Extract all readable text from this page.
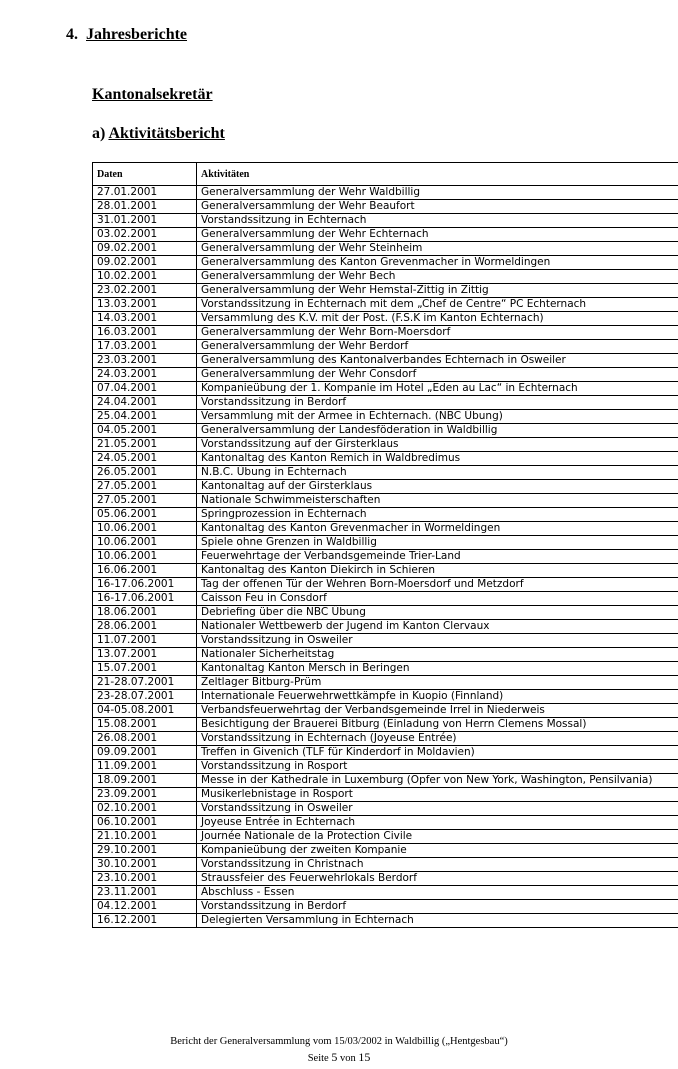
4. Jahresberichte
Kantonalsekretär
a) Aktivitätsbericht
Daten	Aktivitäten
27.01.2001	Generalversammlung der Wehr Waldbillig
28.01.2001	Generalversammlung der Wehr Beaufort
31.01.2001	Vorstandssitzung in Echternach
03.02.2001	Generalversammlung der Wehr Echternach
09.02.2001	Generalversammlung der Wehr Steinheim
09.02.2001	Generalversammlung des Kanton Grevenmacher in Wormeldingen
10.02.2001	Generalversammlung der Wehr Bech
23.02.2001	Generalversammlung der Wehr Hemstal-Zittig in Zittig
13.03.2001	Vorstandssitzung in Echternach mit dem „Chef de Centre“ PC Echternach
14.03.2001	Versammlung des K.V. mit der Post. (F.S.K im Kanton Echternach)
16.03.2001	Generalversammlung der Wehr Born-Moersdorf
17.03.2001	Generalversammlung der Wehr Berdorf
23.03.2001	Generalversammlung des Kantonalverbandes Echternach in Osweiler
24.03.2001	Generalversammlung der Wehr Consdorf
07.04.2001	Kompanieübung der 1. Kompanie im Hotel „Eden au Lac“ in Echternach
24.04.2001	Vorstandssitzung in Berdorf
25.04.2001	Versammlung mit der Armee in Echternach. (NBC Übung)
04.05.2001	Generalversammlung der Landesföderation in Waldbillig
21.05.2001	Vorstandssitzung auf der Girsterklaus
24.05.2001	Kantonaltag des Kanton Remich in Waldbredimus
26.05.2001	N.B.C. Übung in Echternach
27.05.2001	Kantonaltag auf der Girsterklaus
27.05.2001	Nationale Schwimmeisterschaften
05.06.2001	Springprozession in Echternach
10.06.2001	Kantonaltag des Kanton Grevenmacher in Wormeldingen
10.06.2001	Spiele ohne Grenzen in Waldbillig
10.06.2001	Feuerwehrtage der Verbandsgemeinde Trier-Land
16.06.2001	Kantonaltag des Kanton Diekirch in Schieren
16-17.06.2001	Tag der offenen Tür der Wehren Born-Moersdorf und Metzdorf
16-17.06.2001	Caisson Feu in Consdorf
18.06.2001	Debriefing über die NBC Übung
28.06.2001	Nationaler Wettbewerb der Jugend im Kanton Clervaux
11.07.2001	Vorstandssitzung in Osweiler
13.07.2001	Nationaler Sicherheitstag
15.07.2001	Kantonaltag Kanton Mersch in Beringen
21-28.07.2001	Zeltlager Bitburg-Prüm
23-28.07.2001	Internationale Feuerwehrwettkämpfe in Kuopio (Finnland)
04-05.08.2001	Verbandsfeuerwehrtag der Verbandsgemeinde Irrel in Niederweis
15.08.2001	Besichtigung der Brauerei Bitburg (Einladung von Herrn Clemens Mossal)
26.08.2001	Vorstandssitzung in Echternach (Joyeuse Entrée)
09.09.2001	Treffen in Givenich (TLF für Kinderdorf in Moldavien)
11.09.2001	Vorstandssitzung in Rosport
18.09.2001	Messe in der Kathedrale in Luxemburg (Opfer von New York, Washington, Pensilvania)
23.09.2001	Musikerlebnistage in Rosport
02.10.2001	Vorstandssitzung in Osweiler
06.10.2001	Joyeuse Entrée in Echternach
21.10.2001	Journée Nationale de la Protection Civile
29.10.2001	Kompanieübung der zweiten Kompanie
30.10.2001	Vorstandssitzung in Christnach
23.10.2001	Straussfeier des Feuerwehrlokals Berdorf
23.11.2001	Abschluss - Essen
04.12.2001	Vorstandssitzung in Berdorf
16.12.2001	Delegierten Versammlung in Echternach
Bericht der Generalversammlung vom 15/03/2002 in Waldbillig („Hentgesbau“)
Seite 5 von 15
